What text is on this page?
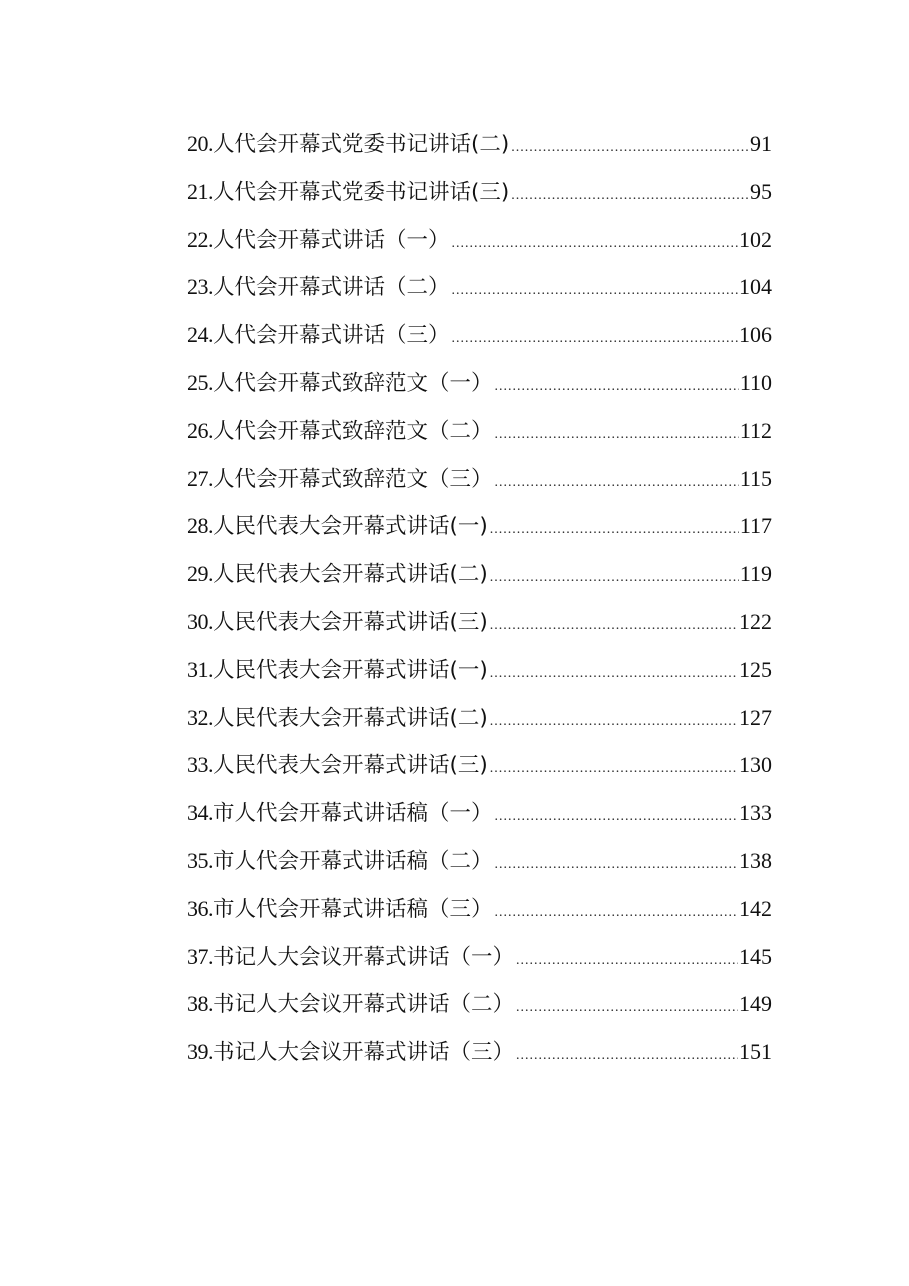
20. 人代会开幕式党委书记讲话(二) .....	91
21. 人代会开幕式党委书记讲话(三) .....	95
22. 人代会开幕式讲话（一） .....	102
23. 人代会开幕式讲话（二） .....	104
24. 人代会开幕式讲话（三） .....	106
25. 人代会开幕式致辞范文（一） .....	110
26. 人代会开幕式致辞范文（二） .....	112
27. 人代会开幕式致辞范文（三） .....	115
28. 人民代表大会开幕式讲话(一) .....	117
29. 人民代表大会开幕式讲话(二) .....	119
30. 人民代表大会开幕式讲话(三) .....	122
31. 人民代表大会开幕式讲话(一) .....	125
32. 人民代表大会开幕式讲话(二) .....	127
33. 人民代表大会开幕式讲话(三) .....	130
34. 市人代会开幕式讲话稿（一） .....	133
35. 市人代会开幕式讲话稿（二） .....	138
36. 市人代会开幕式讲话稿（三） .....	142
37. 书记人大会议开幕式讲话（一） .....	145
38. 书记人大会议开幕式讲话（二） .....	149
39. 书记人大会议开幕式讲话（三） .....	151
